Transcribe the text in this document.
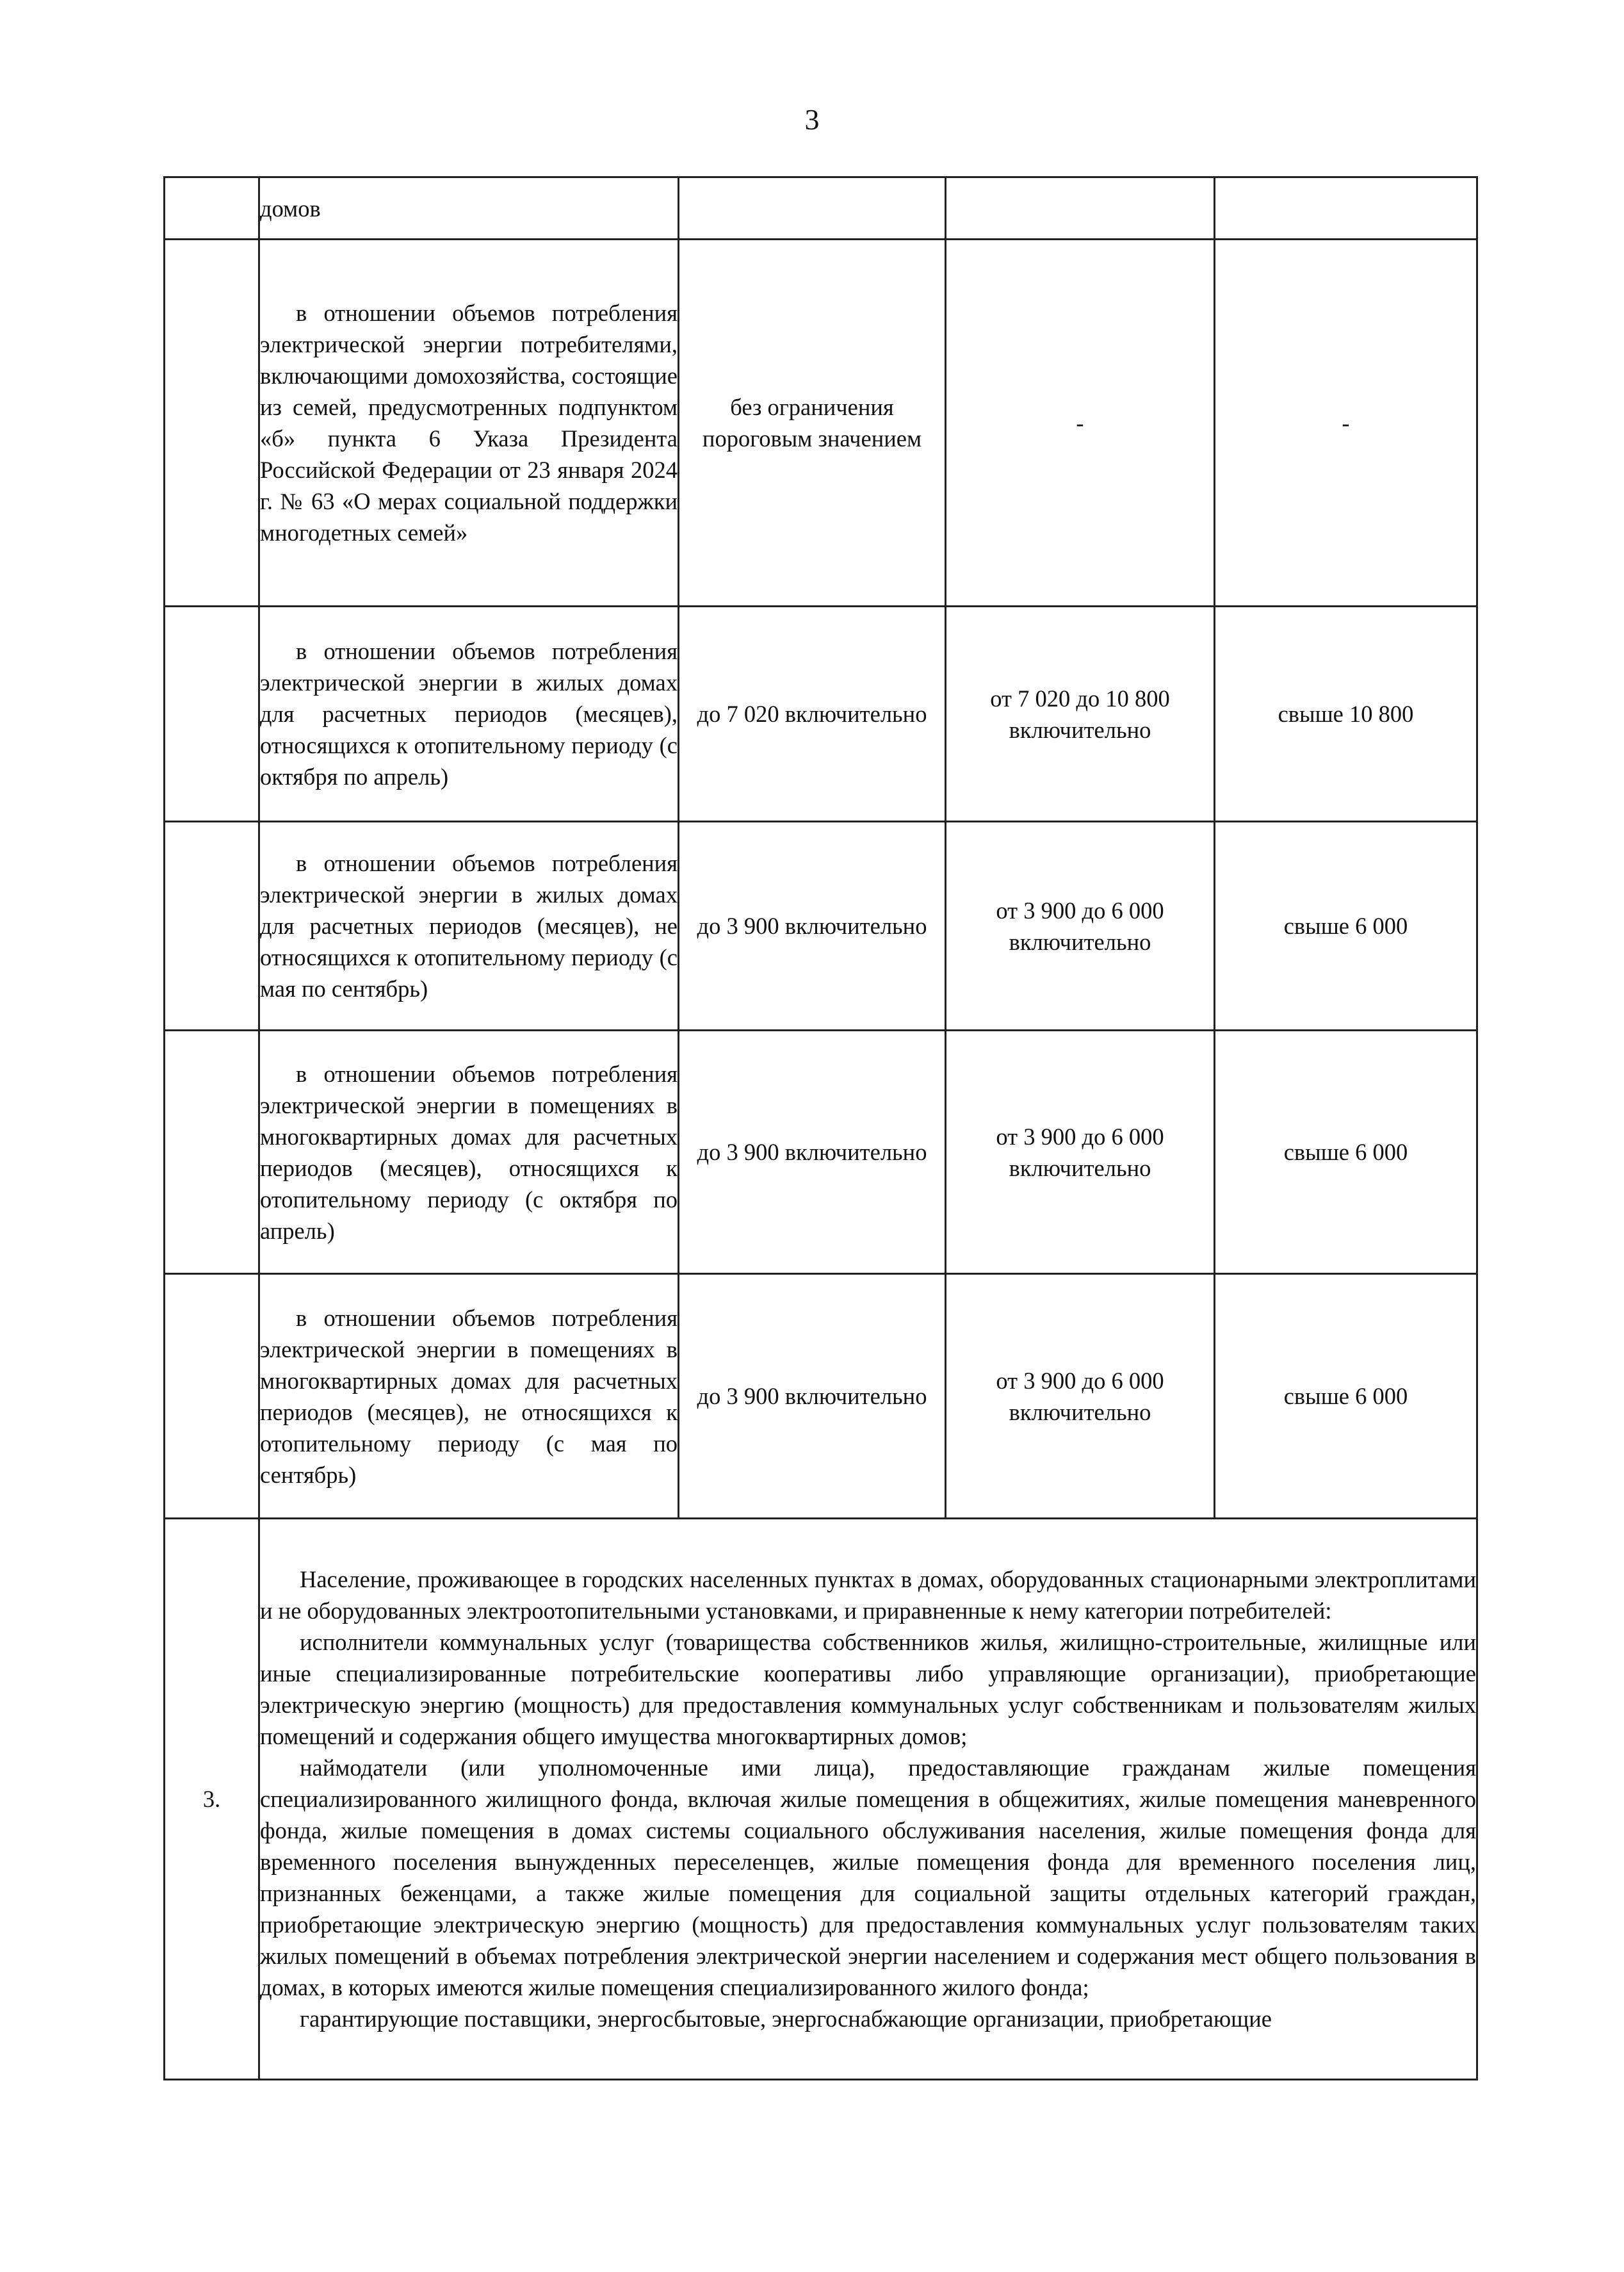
3

	домов			

	в отношении объемов потребления электрической энергии потребителями, включающими домохозяйства, состоящие из семей, предусмотренных подпунктом «б» пункта 6 Указа Президента Российской Федерации от 23 января 2024 г. № 63 «О мерах социальной поддержки многодетных семей»	без ограничения пороговым значением	-	-

	в отношении объемов потребления электрической энергии в жилых домах для расчетных периодов (месяцев), относящихся к отопительному периоду (с октября по апрель)	до 7 020 включительно	от 7 020 до 10 800 включительно	свыше 10 800

	в отношении объемов потребления электрической энергии в жилых домах для расчетных периодов (месяцев), не относящихся к отопительному периоду (с мая по сентябрь)	до 3 900 включительно	от 3 900 до 6 000 включительно	свыше 6 000

	в отношении объемов потребления электрической энергии в помещениях в многоквартирных домах для расчетных периодов (месяцев), относящихся к отопительному периоду (с октября по апрель)	до 3 900 включительно	от 3 900 до 6 000 включительно	свыше 6 000

	в отношении объемов потребления электрической энергии в помещениях в многоквартирных домах для расчетных периодов (месяцев), не относящихся к отопительному периоду (с мая по сентябрь)	до 3 900 включительно	от 3 900 до 6 000 включительно	свыше 6 000
3.	Население, проживающее в городских населенных пунктах в домах, оборудованных стационарными электроплитами и не оборудованных электроотопительными установками, и приравненные к нему категории потребителей:

исполнители коммунальных услуг (товарищества собственников жилья, жилищно-строительные, жилищные или иные специализированные потребительские кооперативы либо управляющие организации), приобретающие электрическую энергию (мощность) для предоставления коммунальных услуг собственникам и пользователям жилых помещений и содержания общего имущества многоквартирных домов;

наймодатели (или уполномоченные ими лица), предоставляющие гражданам жилые помещения специализированного жилищного фонда, включая жилые помещения в общежитиях, жилые помещения маневренного фонда, жилые помещения в домах системы социального обслуживания населения, жилые помещения фонда для временного поселения вынужденных переселенцев, жилые помещения фонда для временного поселения лиц, признанных беженцами, а также жилые помещения для социальной защиты отдельных категорий граждан, приобретающие электрическую энергию (мощность) для предоставления коммунальных услуг пользователям таких жилых помещений в объемах потребления электрической энергии населением и содержания мест общего пользования в домах, в которых имеются жилые помещения специализированного жилого фонда;

гарантирующие поставщики, энергосбытовые, энергоснабжающие организации, приобретающие			
